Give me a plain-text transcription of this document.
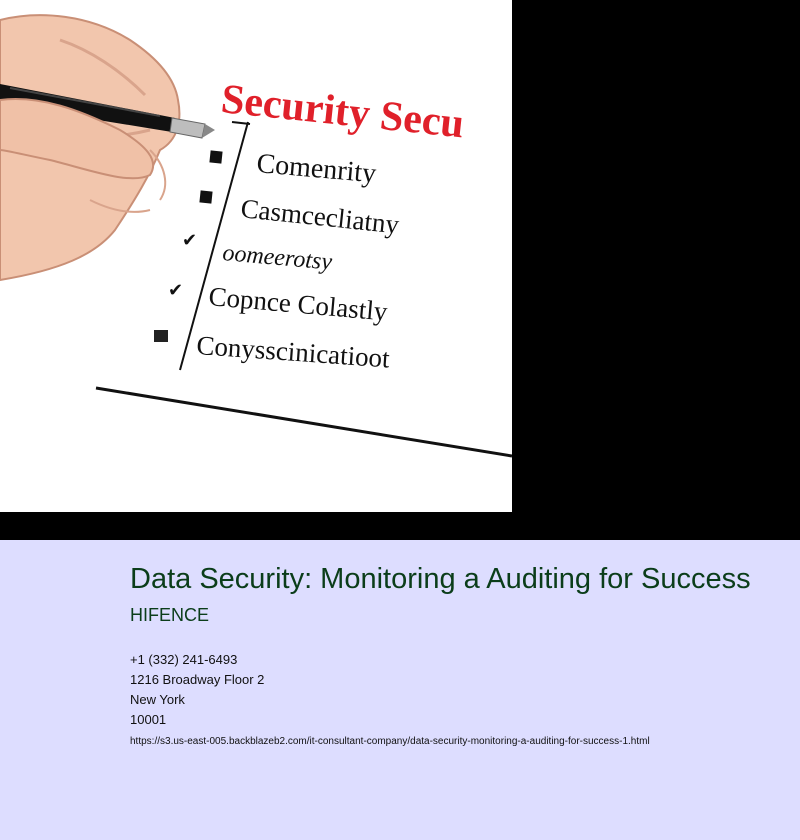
Security Secu
✔
✔
Comenrity
Casmcecliatny
oomeerotsy
Copnce Colastly
Conysscinicatioot
Data Security: Monitoring a Auditing for Success
HIFENCE
+1 (332) 241-6493
1216 Broadway Floor 2
New York
10001
https://s3.us-east-005.backblazeb2.com/it-consultant-company/data-security-monitoring-a-auditing-for-success-1.html
